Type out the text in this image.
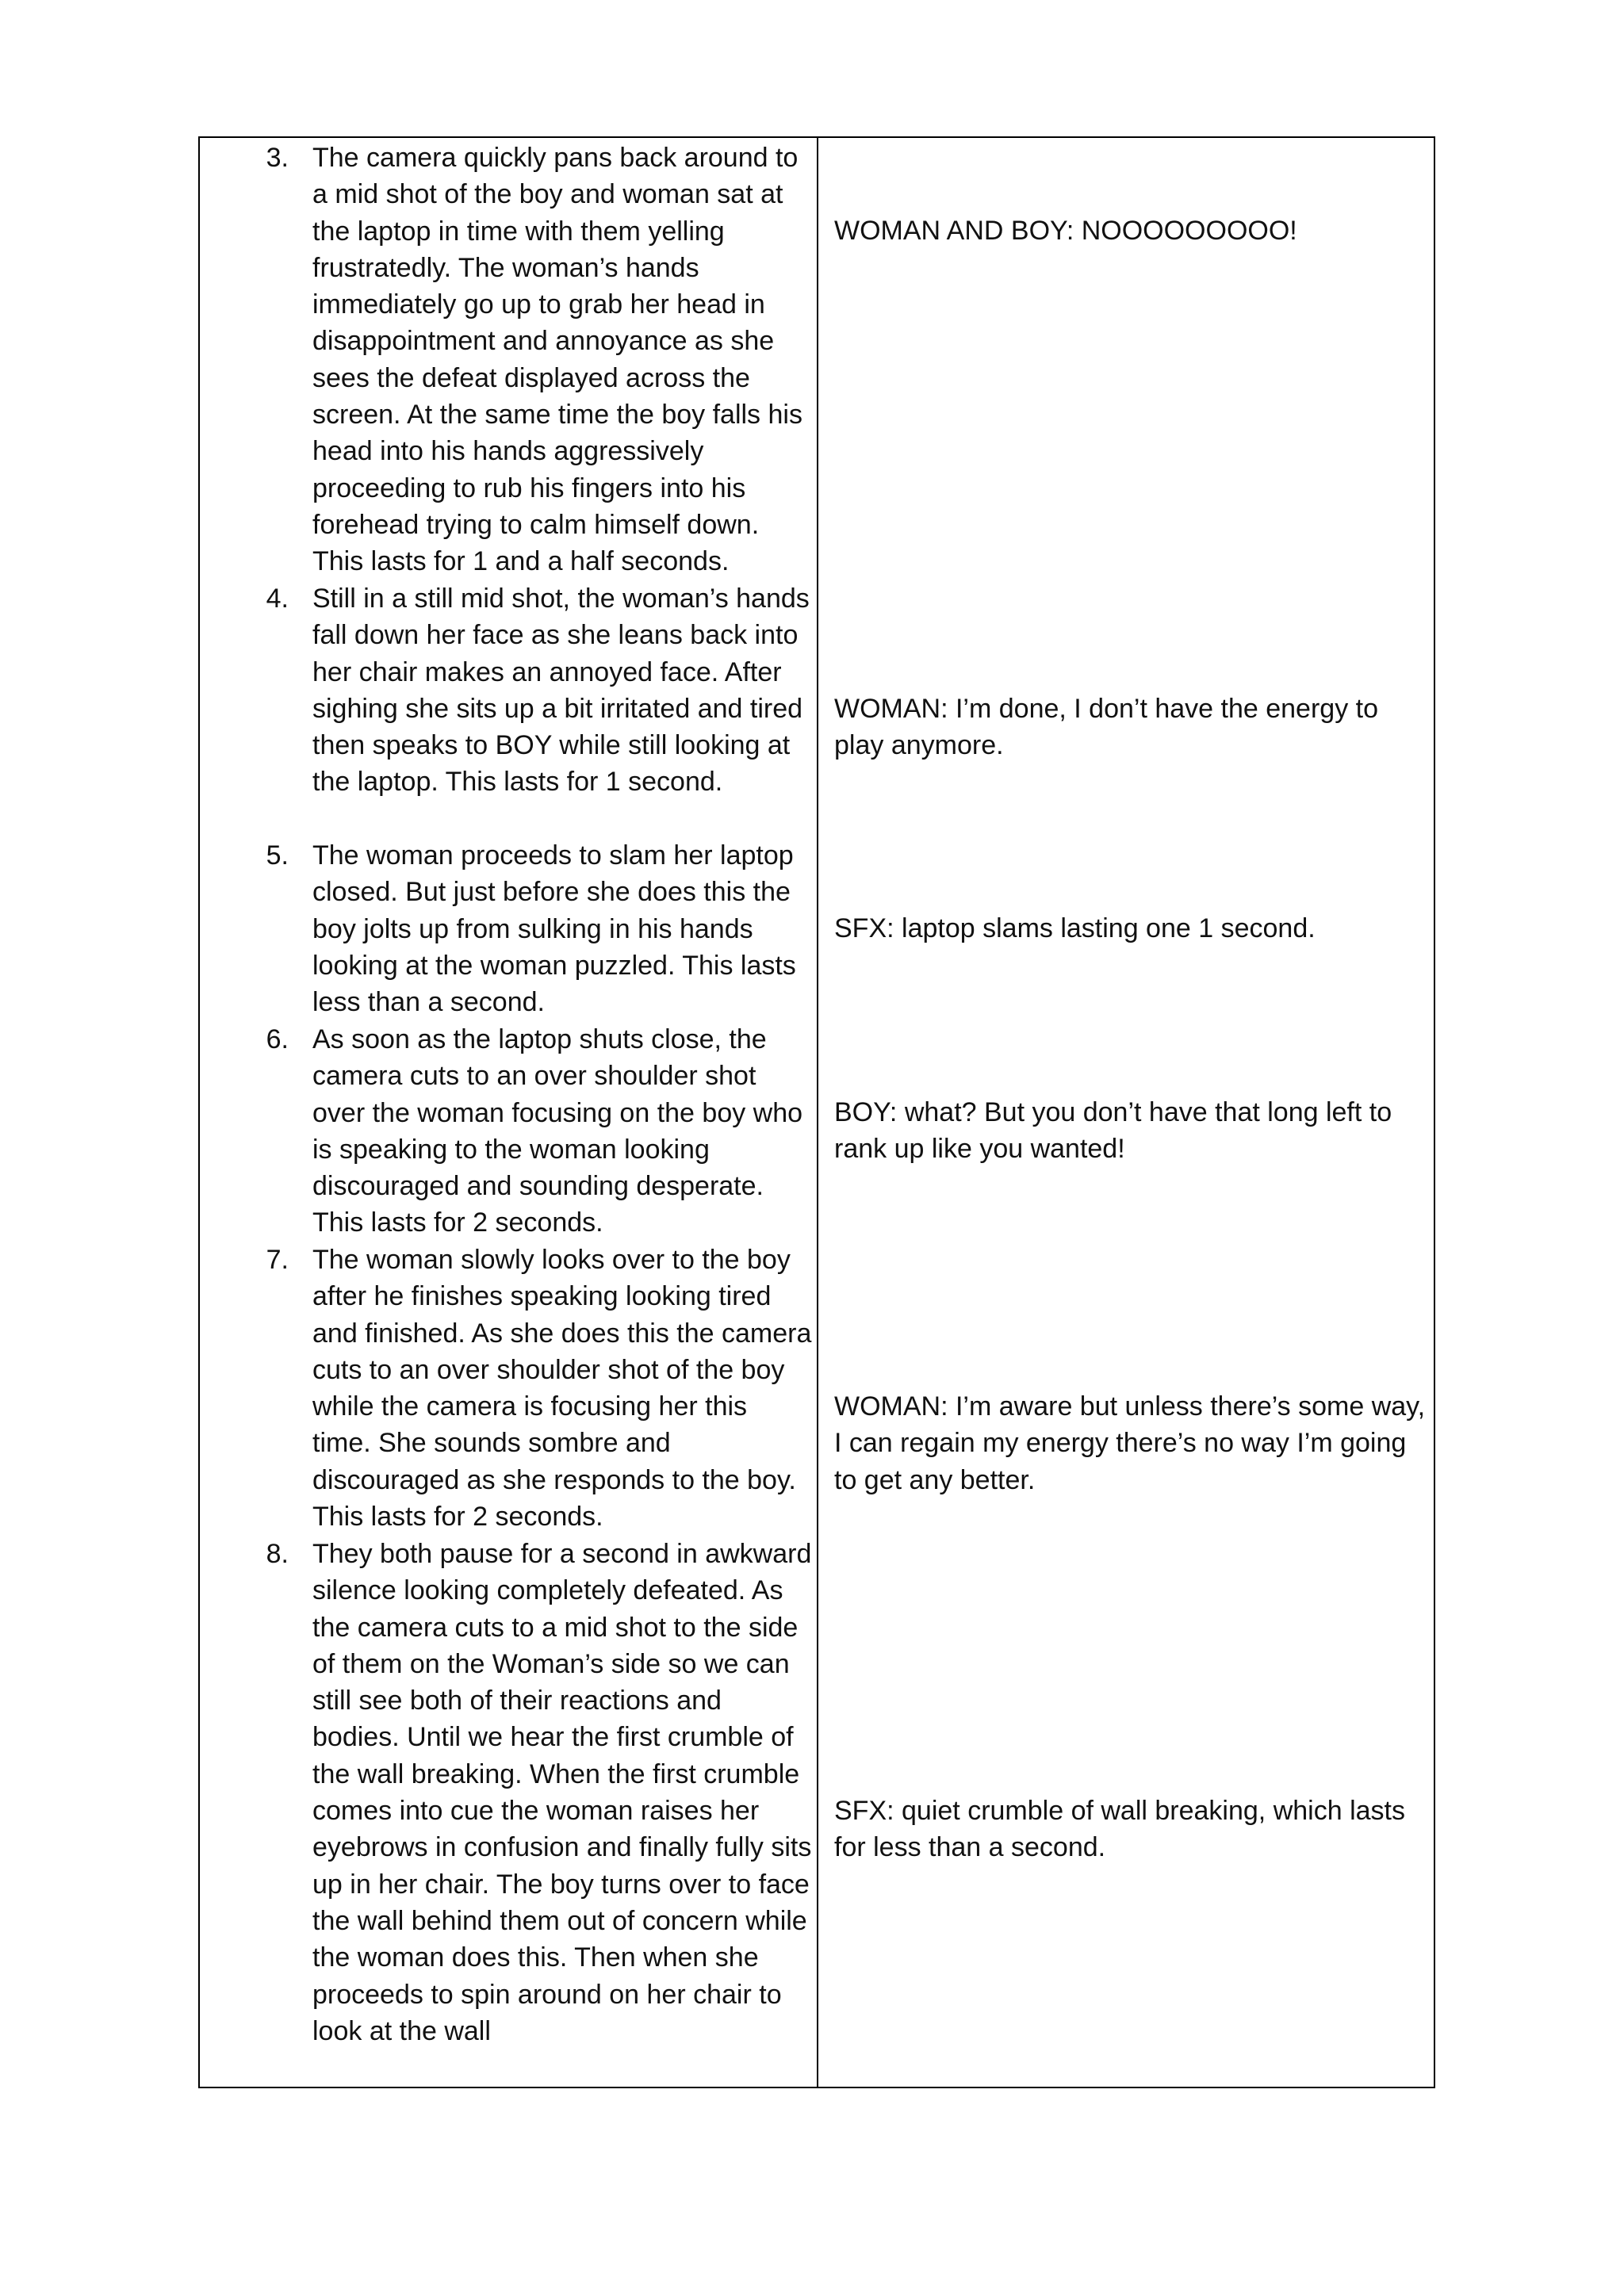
3. The camera quickly pans back around to a mid shot of the boy and woman sat at the laptop in time with them yelling frustratedly. The woman’s hands immediately go up to grab her head in disappointment and annoyance as she sees the defeat displayed across the screen. At the same time the boy falls his head into his hands aggressively proceeding to rub his fingers into his forehead trying to calm himself down. This lasts for 1 and a half seconds.
WOMAN AND BOY: NOOOOOOOOO!
4. Still in a still mid shot, the woman’s hands fall down her face as she leans back into her chair makes an annoyed face. After sighing she sits up a bit irritated and tired then speaks to BOY while still looking at the laptop. This lasts for 1 second.
WOMAN: I’m done, I don’t have the energy to play anymore.
5. The woman proceeds to slam her laptop closed. But just before she does this the boy jolts up from sulking in his hands looking at the woman puzzled. This lasts less than a second.
SFX: laptop slams lasting one 1 second.
6. As soon as the laptop shuts close, the camera cuts to an over shoulder shot over the woman focusing on the boy who is speaking to the woman looking discouraged and sounding desperate. This lasts for 2 seconds.
BOY: what? But you don’t have that long left to rank up like you wanted!
7. The woman slowly looks over to the boy after he finishes speaking looking tired and finished. As she does this the camera cuts to an over shoulder shot of the boy while the camera is focusing her this time. She sounds sombre and discouraged as she responds to the boy. This lasts for 2 seconds.
WOMAN: I’m aware but unless there’s some way, I can regain my energy there’s no way I’m going to get any better.
8. They both pause for a second in awkward silence looking completely defeated. As the camera cuts to a mid shot to the side of them on the Woman’s side so we can still see both of their reactions and bodies. Until we hear the first crumble of the wall breaking. When the first crumble comes into cue the woman raises her eyebrows in confusion and finally fully sits up in her chair. The boy turns over to face the wall behind them out of concern while the woman does this. Then when she proceeds to spin around on her chair to look at the wall
SFX: quiet crumble of wall breaking, which lasts for less than a second.
